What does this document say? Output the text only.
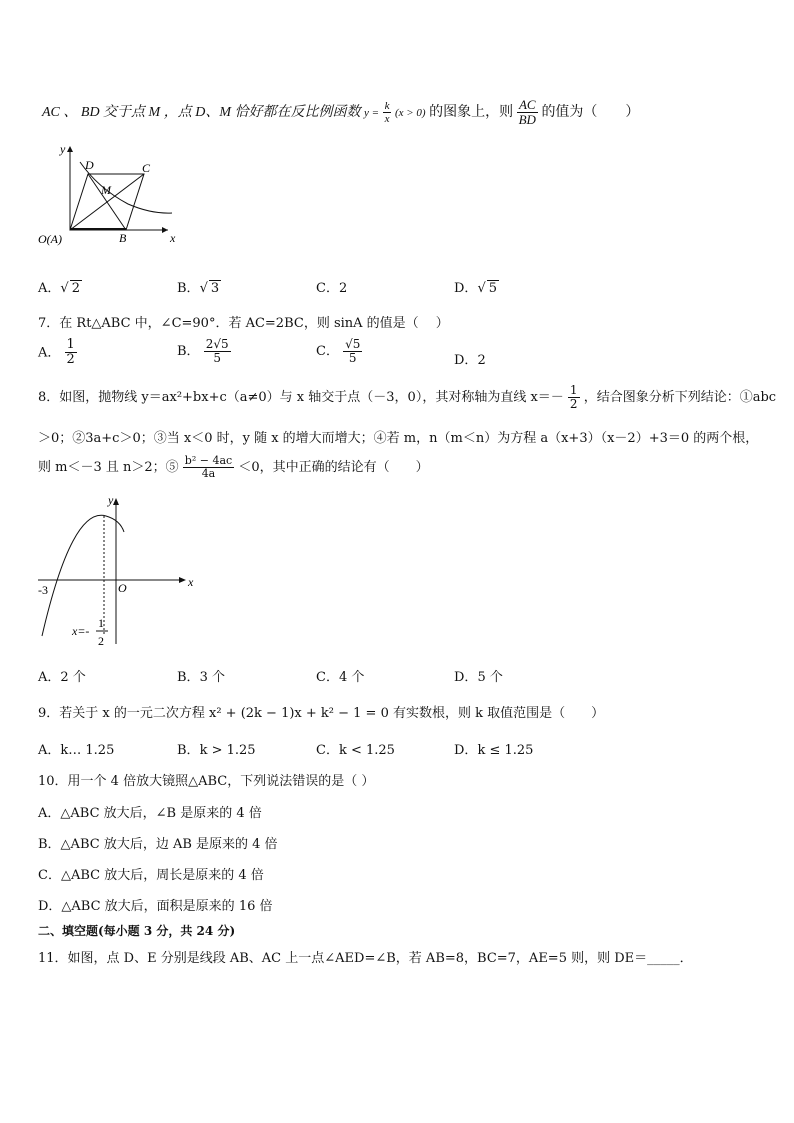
AC 、 BD 交于点 M ，点 D、M 恰好都在反比例函数 $y = \frac{k}{x} (x > 0)$ 的图象上，则 $\frac{AC}{BD}$ 的值为（　　）
y
x
D	C
M
O(A)	B
A．√ 2	B．√ 3	C．2	D．√ 5
7．在 Rt△ABC 中，∠C=90°．若 AC=2BC，则 sinA 的值是（　 ）
A． $\frac{1}{2}$	B． $\frac{2√5}{5}$	C． $\frac{√5}{5}$	D．2
8．如图，抛物线 y＝ax²+bx+c（a≠0）与 x 轴交于点（－3，0），其对称轴为直线 $x=- \frac{1}{2}$ ，结合图象分析下列结论：①abc
＞0；②3a+c＞0；③当 x＜0 时，y 随 x 的增大而增大；④若 m，n（m＜n）为方程 a（x+3）（x－2）+3＝0 的两个根，
则 m＜－3 且 n＞2；⑤ $\frac{\text{b² − 4ac}}{4a} <0$，其中正确的结论有（　　）
y
x
O
-3
x=-
1
2
A．2 个	B．3 个	C．4 个	D．5 个
9．若关于 x 的一元二次方程 x² + (2k − 1)x + k² − 1 = 0 有实数根，则 k 取值范围是（　　）
A．k… 1.25	B．k > 1.25	C．k < 1.25	D．k ≤ 1.25
10．用一个 4 倍放大镜照△ABC，下列说法错误的是（ ）
A．△ABC 放大后，∠B 是原来的 4 倍
B．△ABC 放大后，边 AB 是原来的 4 倍
C．△ABC 放大后，周长是原来的 4 倍
D．△ABC 放大后，面积是原来的 16 倍
二、填空题(每小题 3 分，共 24 分)
11．如图，点 D、E 分别是线段 AB、AC 上一点∠AED=∠B，若 AB=8，BC=7，AE=5 则，则 DE＝_____．
